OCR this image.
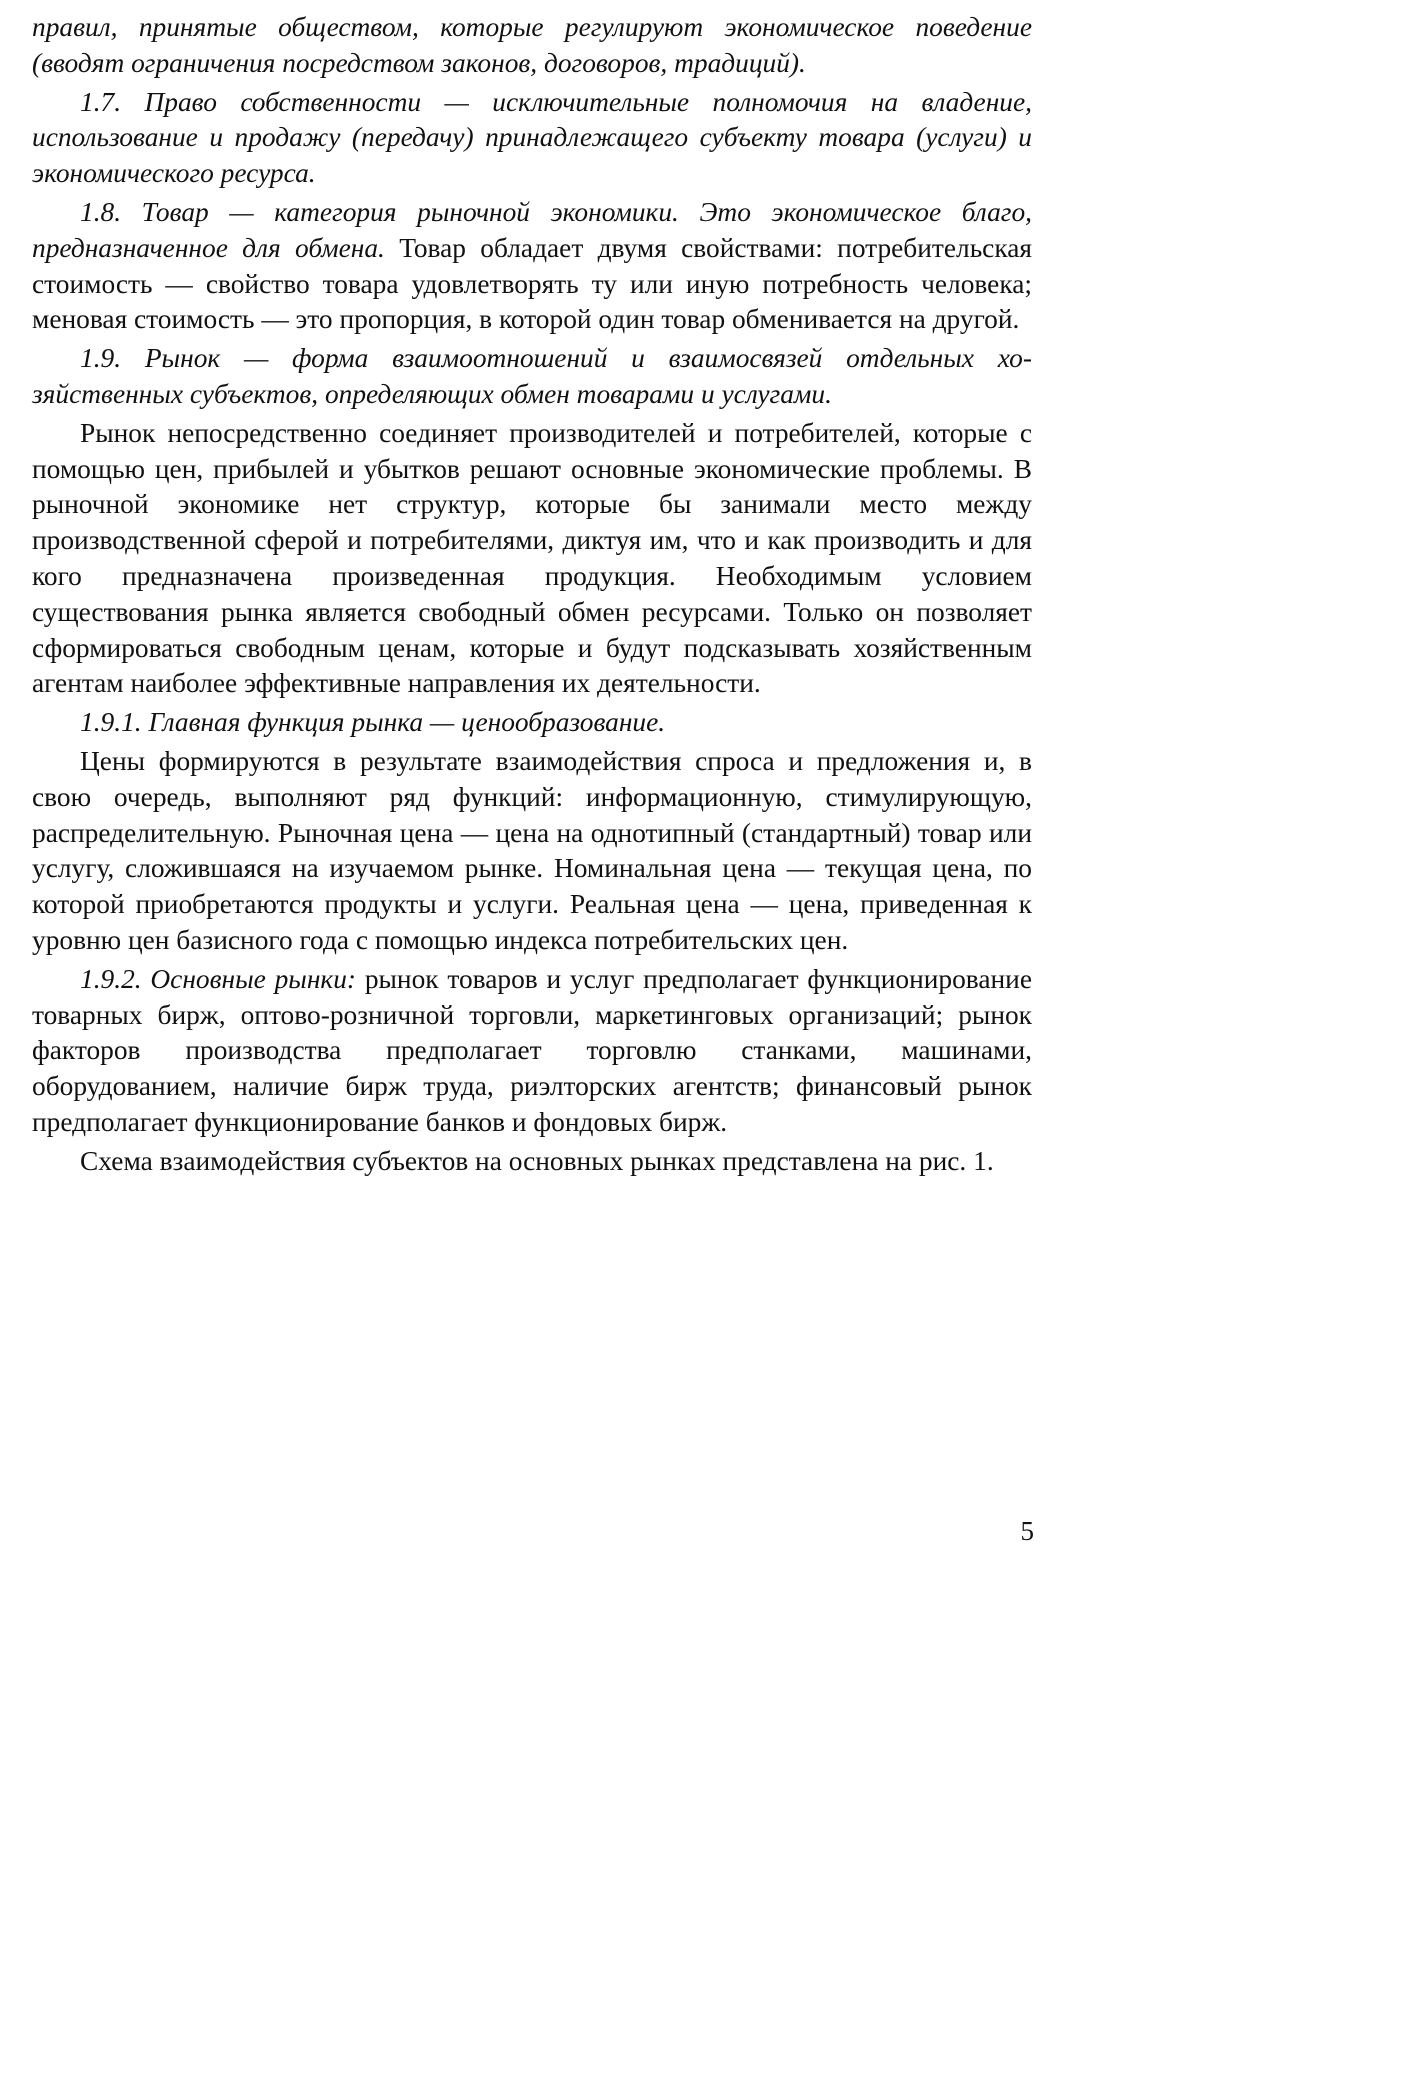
правил, принятые обществом, которые регулируют экономическое поведение (вводят ограничения посредством законов, договоров, традиций).

1.7. Право собственности — исключительные полномочия на владение, использование и продажу (передачу) принадлежащего субъекту товара (услуги) и экономического ресурса.

1.8. Товар — категория рыночной экономики. Это экономическое благо, предназначенное для обмена. Товар обладает двумя свойствами: потребительская стоимость — свойство товара удовлетворять ту или иную потребность человека; меновая стоимость — это пропорция, в которой один товар обменивается на другой.

1.9. Рынок — форма взаимоотношений и взаимосвязей отдельных хозяйственных субъектов, определяющих обмен товарами и услугами.

Рынок непосредственно соединяет производителей и потребителей, которые с помощью цен, прибылей и убытков решают основные экономические проблемы. В рыночной экономике нет структур, которые бы занимали место между производственной сферой и потребителями, диктуя им, что и как производить и для кого предназначена произведенная продукция. Необходимым условием существования рынка является свободный обмен ресурсами. Только он позволяет сформироваться свободным ценам, которые и будут подсказывать хозяйственным агентам наиболее эффективные направления их деятельности.

1.9.1. Главная функция рынка — ценообразование.

Цены формируются в результате взаимодействия спроса и предложения и, в свою очередь, выполняют ряд функций: информационную, стимулирующую, распределительную. Рыночная цена — цена на однотипный (стандартный) товар или услугу, сложившаяся на изучаемом рынке. Номинальная цена — текущая цена, по которой приобретаются продукты и услуги. Реальная цена — цена, приведенная к уровню цен базисного года с помощью индекса потребительских цен.

1.9.2. Основные рынки: рынок товаров и услуг предполагает функционирование товарных бирж, оптово-розничной торговли, маркетинговых организаций; рынок факторов производства предполагает торговлю станками, машинами, оборудованием, наличие бирж труда, риэлторских агентств; финансовый рынок предполагает функционирование банков и фондовых бирж.

Схема взаимодействия субъектов на основных рынках представлена на рис. 1.

5
